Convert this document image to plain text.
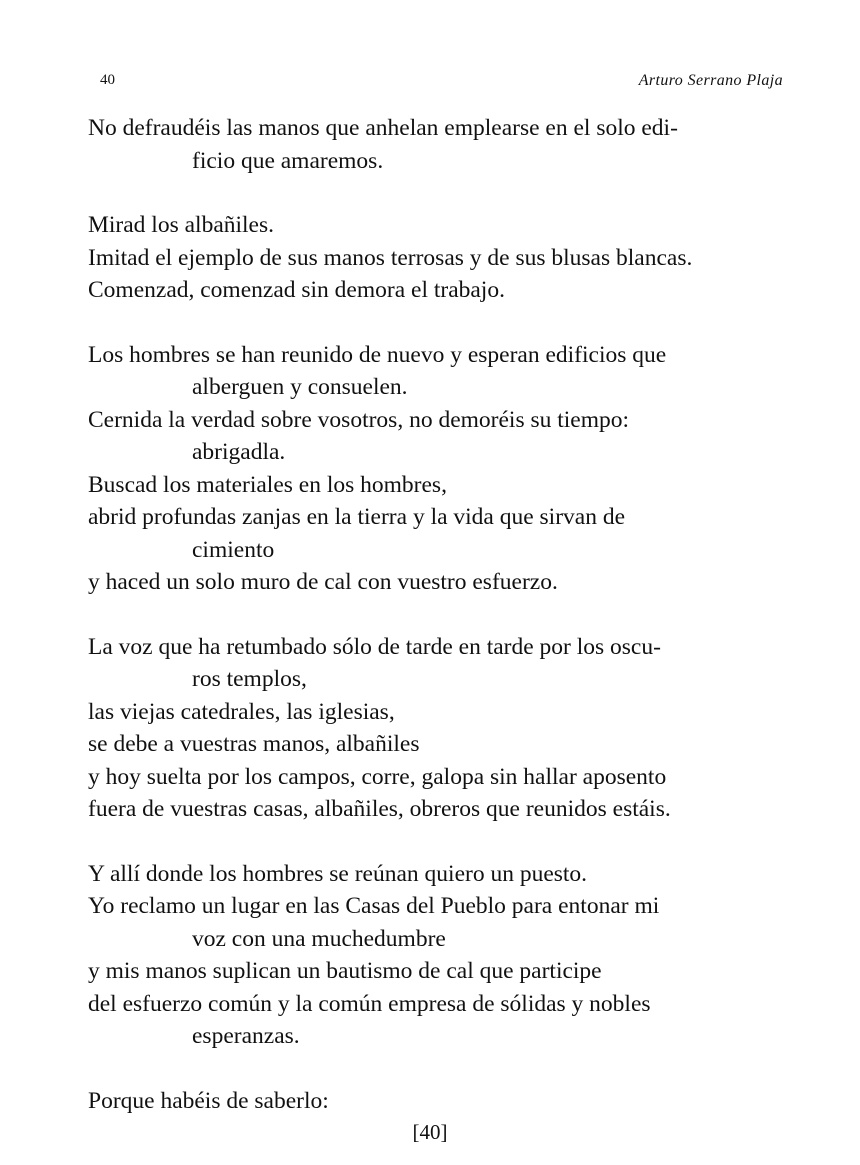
40	Arturo Serrano Plaja
No defraudéis las manos que anhelan emplearse en el solo edi-
ficio que amaremos.
Mirad los albañiles.
Imitad el ejemplo de sus manos terrosas y de sus blusas blancas.
Comenzad, comenzad sin demora el trabajo.
Los hombres se han reunido de nuevo y esperan edificios que
alberguen y consuelen.
Cernida la verdad sobre vosotros, no demoréis su tiempo:
abrigadla.
Buscad los materiales en los hombres,
abrid profundas zanjas en la tierra y la vida que sirvan de
cimiento
y haced un solo muro de cal con vuestro esfuerzo.
La voz que ha retumbado sólo de tarde en tarde por los oscu-
ros templos,
las viejas catedrales, las iglesias,
se debe a vuestras manos, albañiles
y hoy suelta por los campos, corre, galopa sin hallar aposento
fuera de vuestras casas, albañiles, obreros que reunidos estáis.
Y allí donde los hombres se reúnan quiero un puesto.
Yo reclamo un lugar en las Casas del Pueblo para entonar mi
voz con una muchedumbre
y mis manos suplican un bautismo de cal que participe
del esfuerzo común y la común empresa de sólidas y nobles
esperanzas.
Porque habéis de saberlo:
[40]
